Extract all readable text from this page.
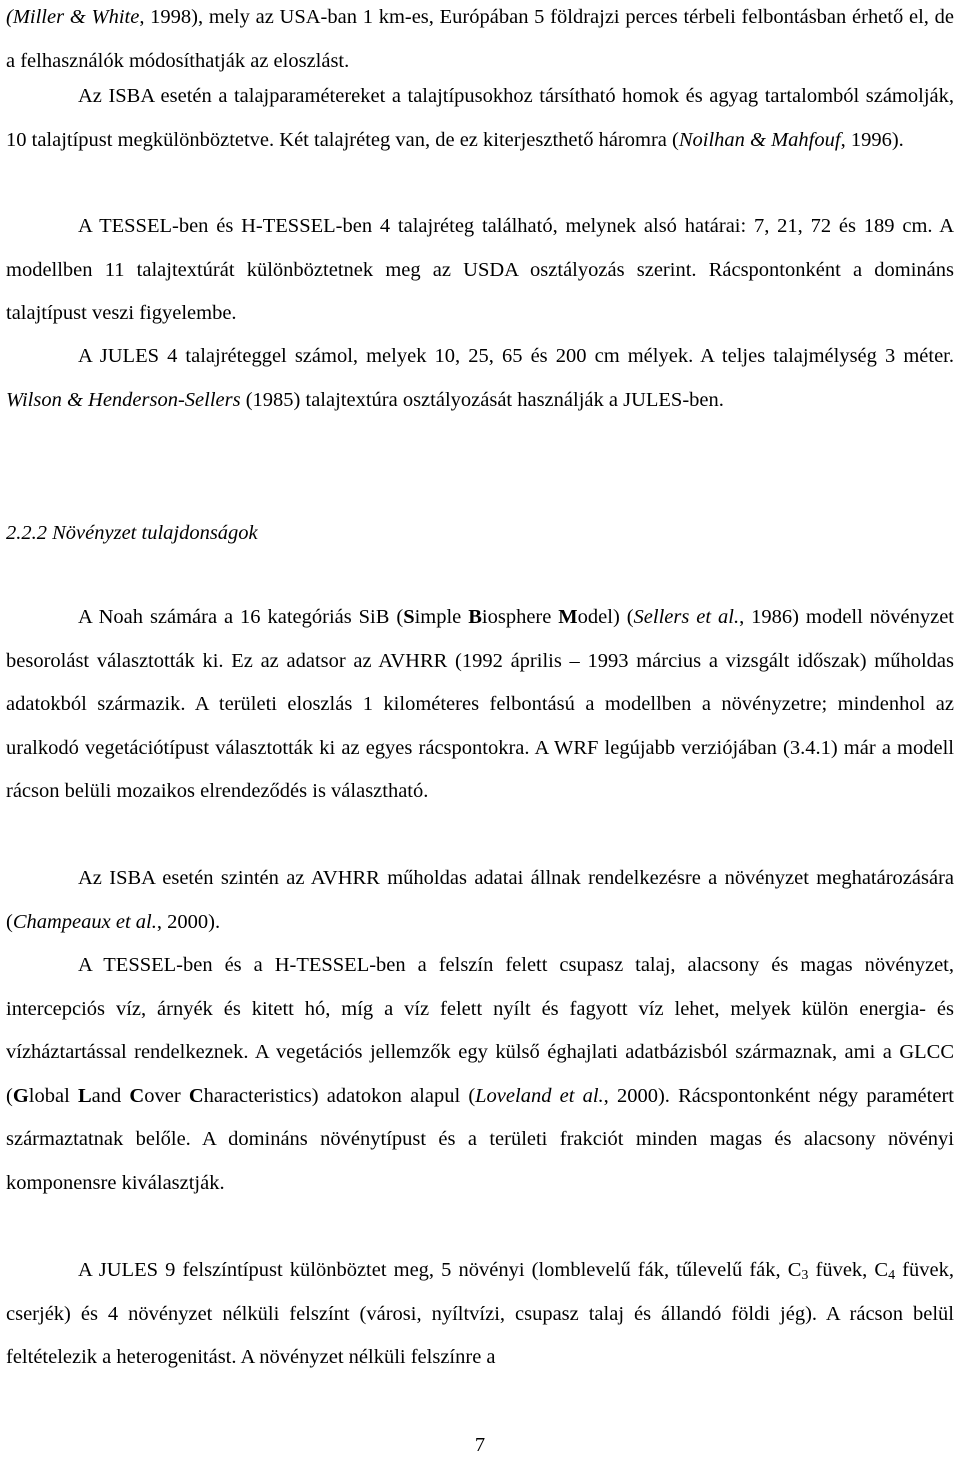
(Miller & White, 1998), mely az USA-ban 1 km-es, Európában 5 földrajzi perces térbeli felbontásban érhető el, de a felhasználók módosíthatják az eloszlást.

Az ISBA esetén a talajparamétereket a talajtípusokhoz társítható homok és agyag tartalomból számolják, 10 talajtípust megkülönböztetve. Két talajréteg van, de ez kiterjeszthető háromra (Noilhan & Mahfouf, 1996).

A TESSEL-ben és H-TESSEL-ben 4 talajréteg található, melynek alsó határai: 7, 21, 72 és 189 cm. A modellben 11 talajtextúrát különböztetnek meg az USDA osztályozás szerint. Rácspontonként a domináns talajtípust veszi figyelembe.

A JULES 4 talajréteggel számol, melyek 10, 25, 65 és 200 cm mélyek. A teljes talajmélység 3 méter. Wilson & Henderson-Sellers (1985) talajtextúra osztályozását használják a JULES-ben.

2.2.2 Növényzet tulajdonságok

A Noah számára a 16 kategóriás SiB (Simple Biosphere Model) (Sellers et al., 1986) modell növényzet besorolást választották ki. Ez az adatsor az AVHRR (1992 április – 1993 március a vizsgált időszak) műholdas adatokból származik. A területi eloszlás 1 kilométeres felbontású a modellben a növényzetre; mindenhol az uralkodó vegetációtípust választották ki az egyes rácspontokra. A WRF legújabb verziójában (3.4.1) már a modell rácson belüli mozaikos elrendeződés is választható.

Az ISBA esetén szintén az AVHRR műholdas adatai állnak rendelkezésre a növényzet meghatározására (Champeaux et al., 2000).

A TESSEL-ben és a H-TESSEL-ben a felszín felett csupasz talaj, alacsony és magas növényzet, intercepciós víz, árnyék és kitett hó, míg a víz felett nyílt és fagyott víz lehet, melyek külön energia- és vízháztartással rendelkeznek. A vegetációs jellemzők egy külső éghajlati adatbázisból származnak, ami a GLCC (Global Land Cover Characteristics) adatokon alapul (Loveland et al., 2000). Rácspontonként négy paramétert származtatnak belőle. A domináns növénytípust és a területi frakciót minden magas és alacsony növényi komponensre kiválasztják.

A JULES 9 felszíntípust különböztet meg, 5 növényi (lomblevelű fák, tűlevelű fák, $C_3$ füvek, $C_4$ füvek, cserjék) és 4 növényzet nélküli felszínt (városi, nyíltvízi, csupasz talaj és állandó földi jég). A rácson belül feltételezik a heterogenitást. A növényzet nélküli felszínre a

7
